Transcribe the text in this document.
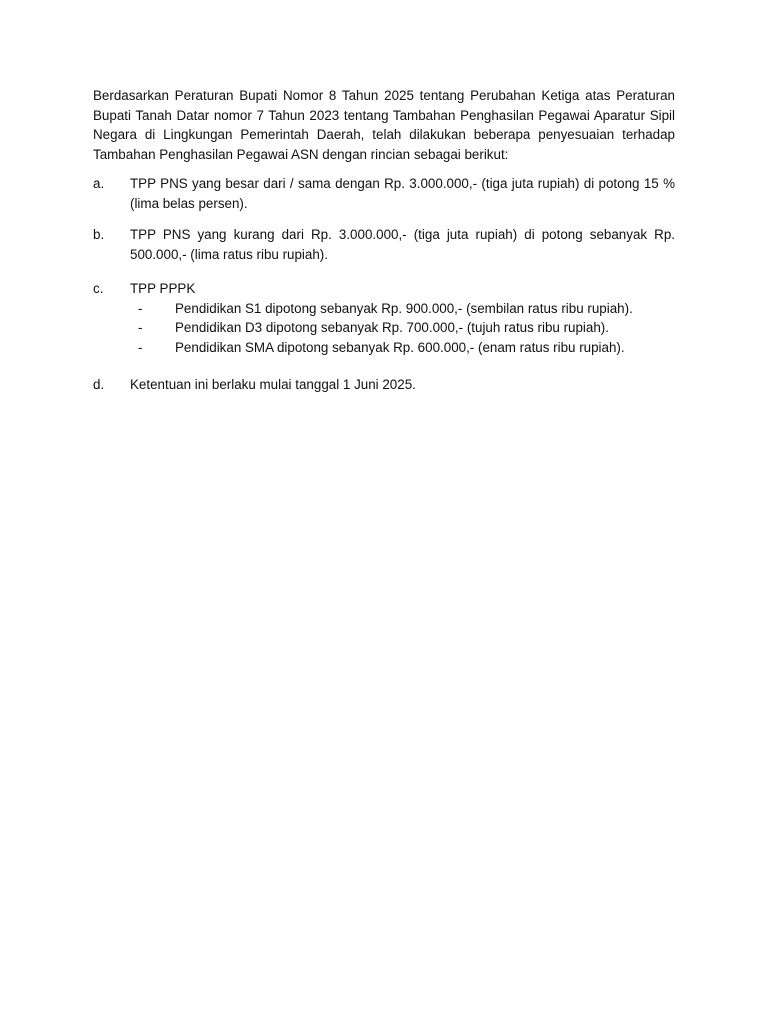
Berdasarkan Peraturan Bupati Nomor 8 Tahun 2025 tentang Perubahan Ketiga atas Peraturan Bupati Tanah Datar nomor 7 Tahun 2023 tentang Tambahan Penghasilan Pegawai Aparatur Sipil Negara di Lingkungan Pemerintah Daerah, telah dilakukan beberapa penyesuaian terhadap Tambahan Penghasilan Pegawai ASN dengan rincian sebagai berikut:

a. TPP PNS yang besar dari / sama dengan Rp. 3.000.000,- (tiga juta rupiah) di potong 15 % (lima belas persen).
b. TPP PNS yang kurang dari Rp. 3.000.000,- (tiga juta rupiah) di potong sebanyak Rp. 500.000,- (lima ratus ribu rupiah).
c. TPP PPPK
- Pendidikan S1 dipotong sebanyak Rp. 900.000,- (sembilan ratus ribu rupiah).
- Pendidikan D3 dipotong sebanyak Rp. 700.000,- (tujuh ratus ribu rupiah).
- Pendidikan SMA dipotong sebanyak Rp. 600.000,- (enam ratus ribu rupiah).
d. Ketentuan ini berlaku mulai tanggal 1 Juni 2025.
